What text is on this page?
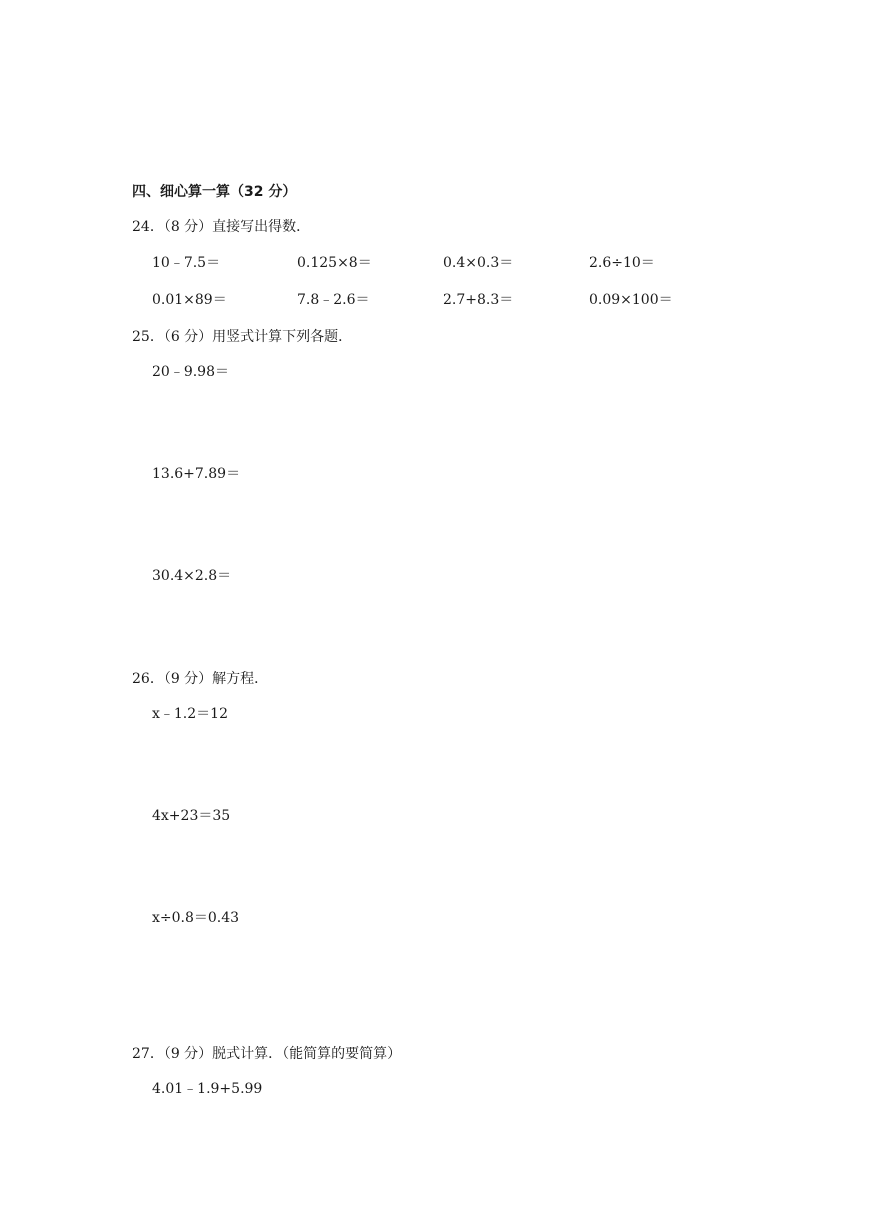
四、细心算一算（32 分）
24．（8 分）直接写出得数．
10﹣7.5＝	0.125×8＝	0.4×0.3＝	2.6÷10＝
0.01×89＝	7.8﹣2.6＝	2.7+8.3＝	0.09×100＝
25．（6 分）用竖式计算下列各题．
20﹣9.98＝
13.6+7.89＝
30.4×2.8＝
26．（9 分）解方程．
x﹣1.2＝12
4x+23＝35
x÷0.8＝0.43
27．（9 分）脱式计算．（能简算的要简算）
4.01﹣1.9+5.99
